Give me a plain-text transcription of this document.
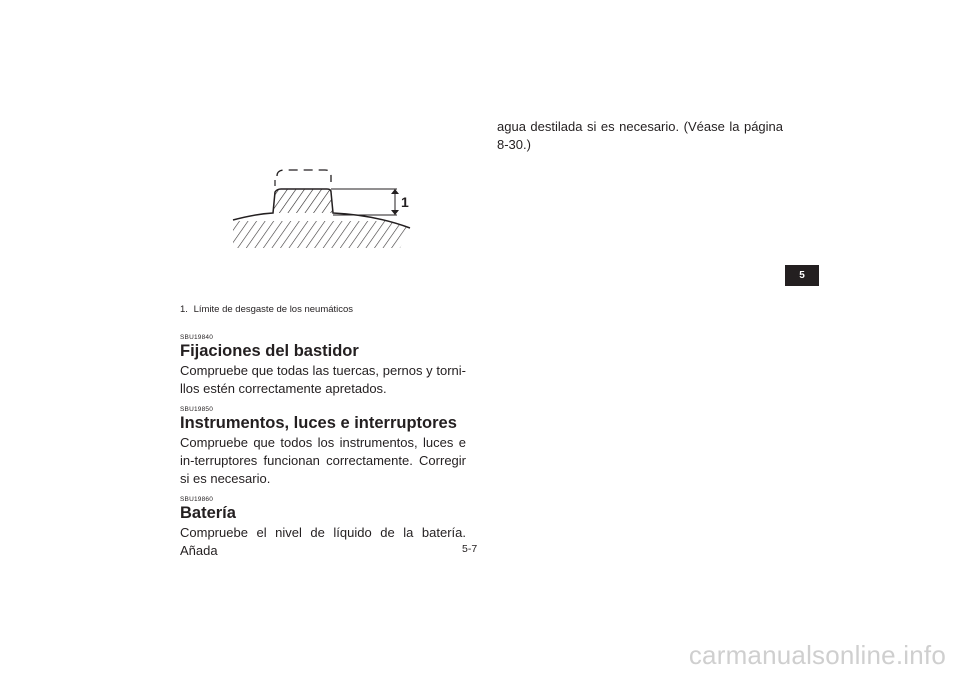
1
1. Límite de desgaste de los neumáticos
SBU19840
Fijaciones del bastidor
Compruebe que todas las tuercas, pernos y torni-llos estén correctamente apretados.
SBU19850
Instrumentos, luces e interruptores
Compruebe que todos los instrumentos, luces e in-terruptores funcionan correctamente. Corregir si es necesario.
SBU19860
Batería
Compruebe el nivel de líquido de la batería. Añada
agua destilada si es necesario. (Véase la página 8-30.)
5
5-7
carmanualsonline.info
